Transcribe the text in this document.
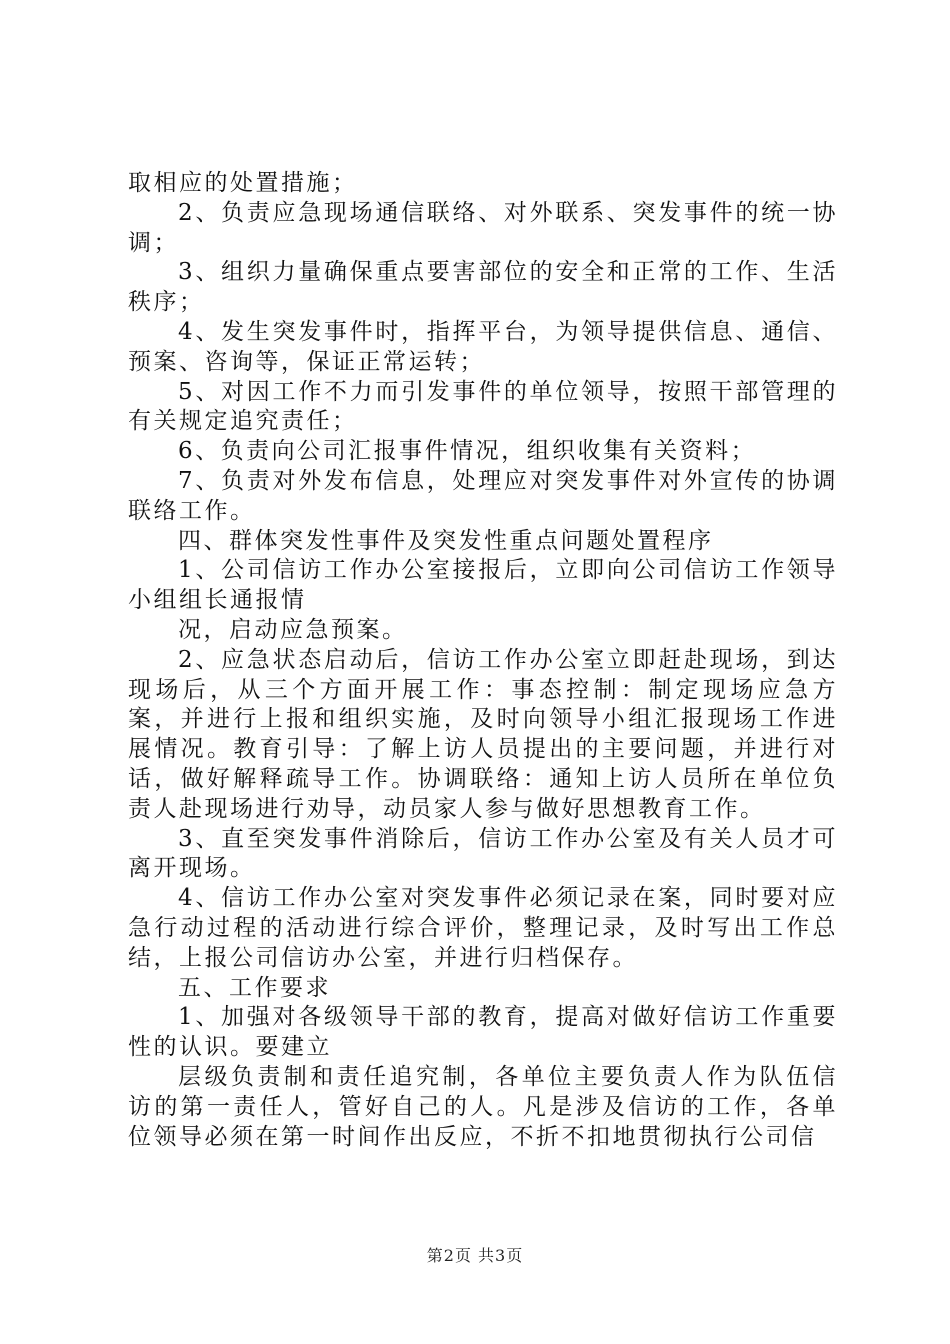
取相应的处置措施；

2、负责应急现场通信联络、对外联系、突发事件的统一协调；

3、组织力量确保重点要害部位的安全和正常的工作、生活秩序；

4、发生突发事件时，指挥平台，为领导提供信息、通信、预案、咨询等，保证正常运转；

5、对因工作不力而引发事件的单位领导，按照干部管理的有关规定追究责任；

6、负责向公司汇报事件情况，组织收集有关资料；

7、负责对外发布信息，处理应对突发事件对外宣传的协调联络工作。

四、群体突发性事件及突发性重点问题处置程序

1、公司信访工作办公室接报后，立即向公司信访工作领导小组组长通报情

况，启动应急预案。

2、应急状态启动后，信访工作办公室立即赶赴现场，到达现场后，从三个方面开展工作：事态控制：制定现场应急方案，并进行上报和组织实施，及时向领导小组汇报现场工作进展情况。教育引导：了解上访人员提出的主要问题，并进行对话，做好解释疏导工作。协调联络：通知上访人员所在单位负责人赴现场进行劝导，动员家人参与做好思想教育工作。

3、直至突发事件消除后，信访工作办公室及有关人员才可离开现场。

4、信访工作办公室对突发事件必须记录在案，同时要对应急行动过程的活动进行综合评价，整理记录，及时写出工作总结，上报公司信访办公室，并进行归档保存。

五、工作要求

1、加强对各级领导干部的教育，提高对做好信访工作重要性的认识。要建立

层级负责制和责任追究制，各单位主要负责人作为队伍信访的第一责任人，管好自己的人。凡是涉及信访的工作，各单位领导必须在第一时间作出反应，不折不扣地贯彻执行公司信

第2页 共3页
